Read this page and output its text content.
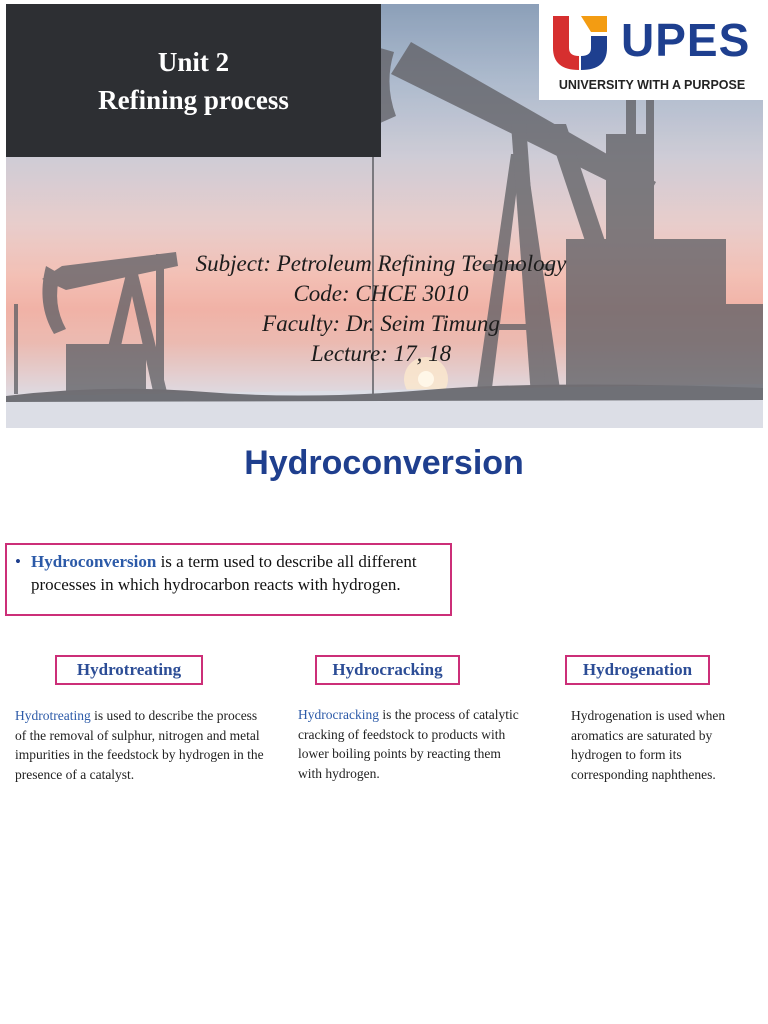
Unit 2
Refining process
UPES
UNIVERSITY WITH A PURPOSE
Subject: Petroleum Refining Technology
Code: CHCE 3010
Faculty: Dr. Seim Timung
Lecture: 17, 18
Hydroconversion
• Hydroconversion is a term used to describe all different processes in which hydrocarbon reacts with hydrogen.
Hydrotreating	Hydrocracking	Hydrogenation
Hydrotreating is used to describe the process of the removal of sulphur, nitrogen and metal impurities in the feedstock by hydrogen in the presence of a catalyst.
Hydrocracking is the process of catalytic cracking of feedstock to products with lower boiling points by reacting them with hydrogen.
Hydrogenation is used when aromatics are saturated by hydrogen to form its corresponding naphthenes.
